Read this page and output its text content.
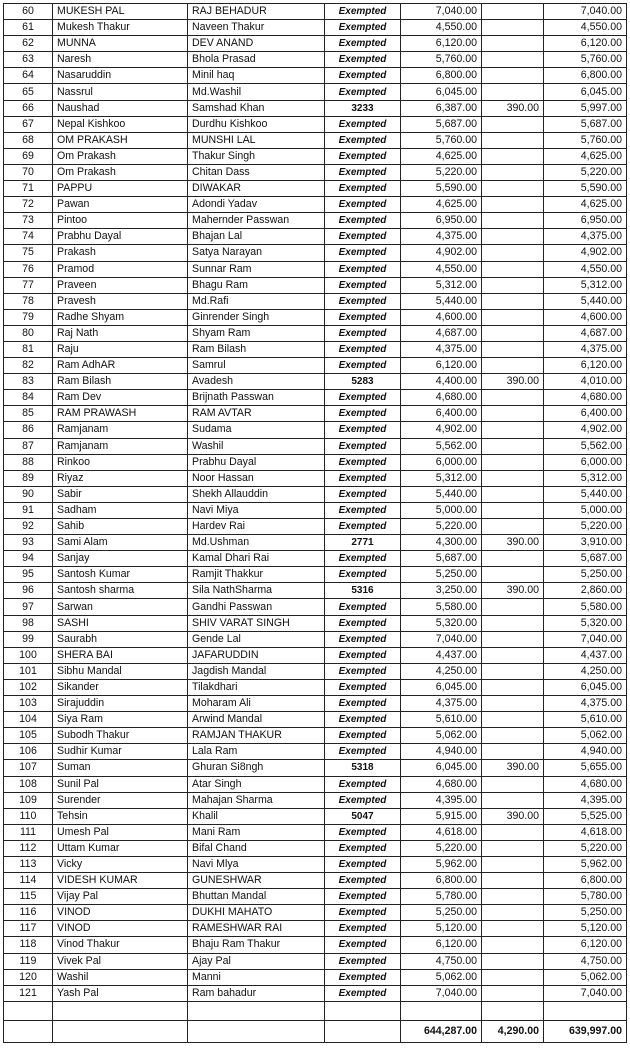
60	MUKESH PAL	RAJ BEHADUR	Exempted	7,040.00		7,040.00
61	Mukesh Thakur	Naveen Thakur	Exempted	4,550.00		4,550.00
62	MUNNA	DEV ANAND	Exempted	6,120.00		6,120.00
63	Naresh	Bhola Prasad	Exempted	5,760.00		5,760.00
64	Nasaruddin	Minil haq	Exempted	6,800.00		6,800.00
65	Nassrul	Md.Washil	Exempted	6,045.00		6,045.00
66	Naushad	Samshad Khan	3233	6,387.00	390.00	5,997.00
67	Nepal Kishkoo	Durdhu Kishkoo	Exempted	5,687.00		5,687.00
68	OM PRAKASH	MUNSHI LAL	Exempted	5,760.00		5,760.00
69	Om Prakash	Thakur Singh	Exempted	4,625.00		4,625.00
70	Om Prakash	Chitan Dass	Exempted	5,220.00		5,220.00
71	PAPPU	DIWAKAR	Exempted	5,590.00		5,590.00
72	Pawan	Adondi Yadav	Exempted	4,625.00		4,625.00
73	Pintoo	Mahernder Passwan	Exempted	6,950.00		6,950.00
74	Prabhu Dayal	Bhajan Lal	Exempted	4,375.00		4,375.00
75	Prakash	Satya Narayan	Exempted	4,902.00		4,902.00
76	Pramod	Sunnar Ram	Exempted	4,550.00		4,550.00
77	Praveen	Bhagu Ram	Exempted	5,312.00		5,312.00
78	Pravesh	Md.Rafi	Exempted	5,440.00		5,440.00
79	Radhe Shyam	Ginrender Singh	Exempted	4,600.00		4,600.00
80	Raj Nath	Shyam Ram	Exempted	4,687.00		4,687.00
81	Raju	Ram Bilash	Exempted	4,375.00		4,375.00
82	Ram AdhAR	Samrul	Exempted	6,120.00		6,120.00
83	Ram Bilash	Avadesh	5283	4,400.00	390.00	4,010.00
84	Ram Dev	Brijnath Passwan	Exempted	4,680.00		4,680.00
85	RAM PRAWASH	RAM AVTAR	Exempted	6,400.00		6,400.00
86	Ramjanam	Sudama	Exempted	4,902.00		4,902.00
87	Ramjanam	Washil	Exempted	5,562.00		5,562.00
88	Rinkoo	Prabhu Dayal	Exempted	6,000.00		6,000.00
89	Riyaz	Noor Hassan	Exempted	5,312.00		5,312.00
90	Sabir	Shekh Allauddin	Exempted	5,440.00		5,440.00
91	Sadham	Navi Miya	Exempted	5,000.00		5,000.00
92	Sahib	Hardev Rai	Exempted	5,220.00		5,220.00
93	Sami Alam	Md.Ushman	2771	4,300.00	390.00	3,910.00
94	Sanjay	Kamal Dhari Rai	Exempted	5,687.00		5,687.00
95	Santosh Kumar	Ramjit Thakkur	Exempted	5,250.00		5,250.00
96	Santosh sharma	Sila NathSharma	5316	3,250.00	390.00	2,860.00
97	Sarwan	Gandhi Passwan	Exempted	5,580.00		5,580.00
98	SASHI	SHIV VARAT SINGH	Exempted	5,320.00		5,320.00
99	Saurabh	Gende Lal	Exempted	7,040.00		7,040.00
100	SHERA BAI	JAFARUDDIN	Exempted	4,437.00		4,437.00
101	Sibhu Mandal	Jagdish Mandal	Exempted	4,250.00		4,250.00
102	Sikander	Tilakdhari	Exempted	6,045.00		6,045.00
103	Sirajuddin	Moharam Ali	Exempted	4,375.00		4,375.00
104	Siya Ram	Arwind Mandal	Exempted	5,610.00		5,610.00
105	Subodh Thakur	RAMJAN THAKUR	Exempted	5,062.00		5,062.00
106	Sudhir Kumar	Lala Ram	Exempted	4,940.00		4,940.00
107	Suman	Ghuran Si8ngh	5318	6,045.00	390.00	5,655.00
108	Sunil Pal	Atar Singh	Exempted	4,680.00		4,680.00
109	Surender	Mahajan Sharma	Exempted	4,395.00		4,395.00
110	Tehsin	Khalil	5047	5,915.00	390.00	5,525.00
111	Umesh Pal	Mani Ram	Exempted	4,618.00		4,618.00
112	Uttam Kumar	Bifal Chand	Exempted	5,220.00		5,220.00
113	Vicky	Navi Mlya	Exempted	5,962.00		5,962.00
114	VIDESH KUMAR	GUNESHWAR	Exempted	6,800.00		6,800.00
115	Vijay Pal	Bhuttan Mandal	Exempted	5,780.00		5,780.00
116	VINOD	DUKHI MAHATO	Exempted	5,250.00		5,250.00
117	VINOD	RAMESHWAR RAI	Exempted	5,120.00		5,120.00
118	Vinod Thakur	Bhaju Ram Thakur	Exempted	6,120.00		6,120.00
119	Vivek Pal	Ajay Pal	Exempted	4,750.00		4,750.00
120	Washil	Manni	Exempted	5,062.00		5,062.00
121	Yash Pal	Ram bahadur	Exempted	7,040.00		7,040.00

				644,287.00	4,290.00	639,997.00
